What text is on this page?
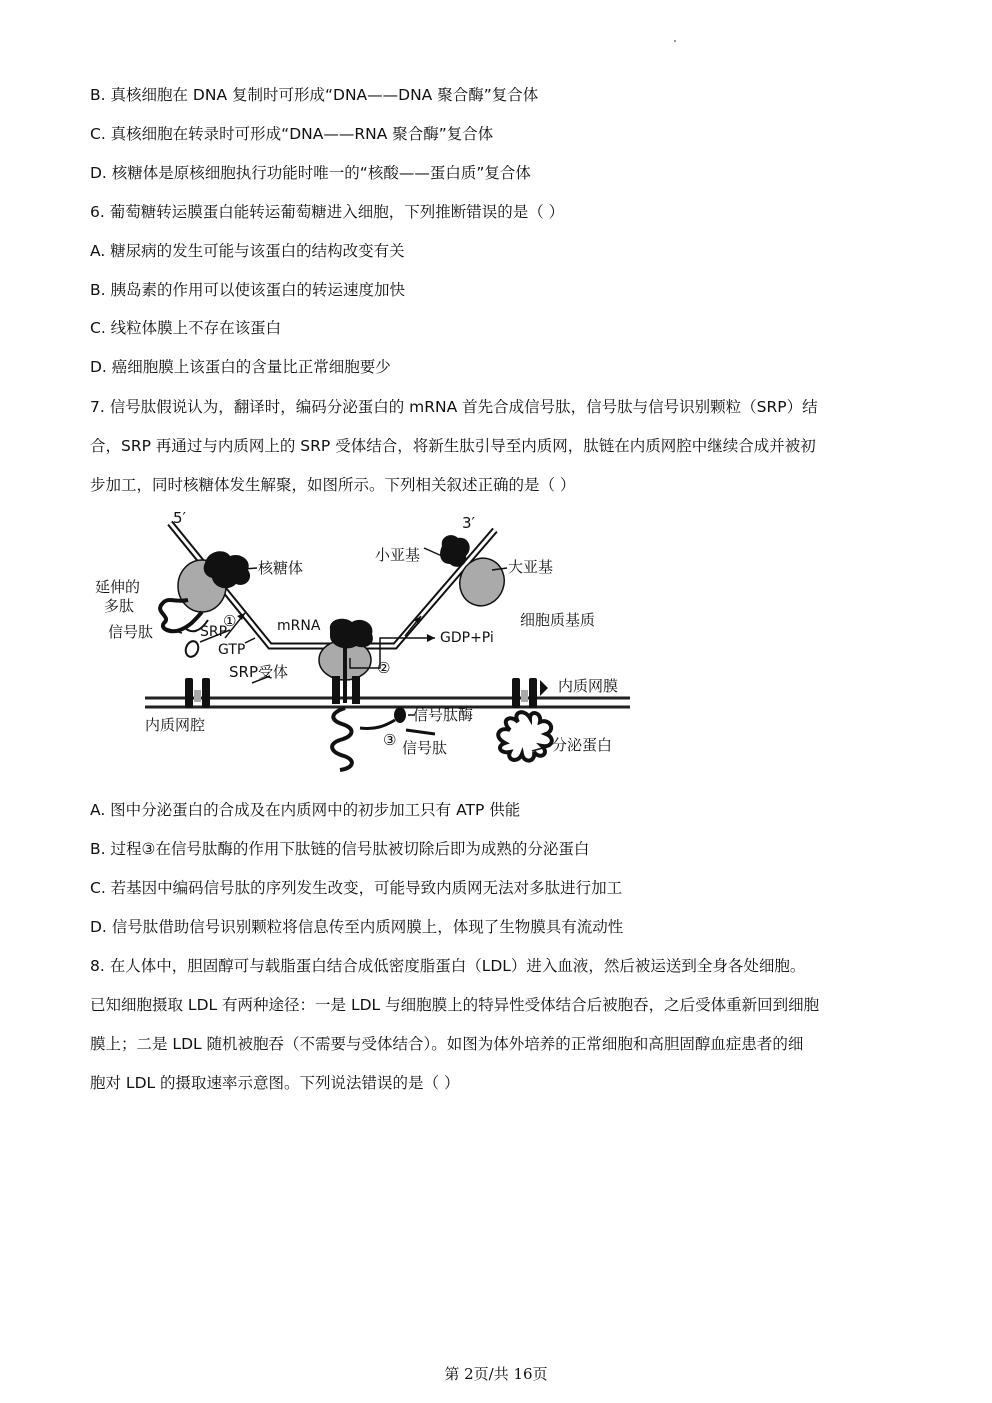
B. 真核细胞在 DNA 复制时可形成“DNA——DNA 聚合酶”复合体
C. 真核细胞在转录时可形成“DNA——RNA 聚合酶”复合体
D. 核糖体是原核细胞执行功能时唯一的“核酸——蛋白质”复合体
6. 葡萄糖转运膜蛋白能转运葡萄糖进入细胞，下列推断错误的是（ ）
A. 糖尿病的发生可能与该蛋白的结构改变有关
B. 胰岛素的作用可以使该蛋白的转运速度加快
C. 线粒体膜上不存在该蛋白
D. 癌细胞膜上该蛋白的含量比正常细胞要少
7. 信号肽假说认为，翻译时，编码分泌蛋白的 mRNA 首先合成信号肽，信号肽与信号识别颗粒（SRP）结
合，SRP 再通过与内质网上的 SRP 受体结合，将新生肽引导至内质网，肽链在内质网腔中继续合成并被初
步加工，同时核糖体发生解聚，如图所示。下列相关叙述正确的是（ ）
5′	3′
核糖体
小亚基
大亚基
延伸的
多肽
信号肽	SRP
①
GTP
SRP受体
mRNA
②
GDP+Pi
细胞质基质
内质网膜
内质网腔
信号肽酶
③ 信号肽	分泌蛋白
A. 图中分泌蛋白的合成及在内质网中的初步加工只有 ATP 供能
B. 过程③在信号肽酶的作用下肽链的信号肽被切除后即为成熟的分泌蛋白
C. 若基因中编码信号肽的序列发生改变，可能导致内质网无法对多肽进行加工
D. 信号肽借助信号识别颗粒将信息传至内质网膜上，体现了生物膜具有流动性
8. 在人体中，胆固醇可与载脂蛋白结合成低密度脂蛋白（LDL）进入血液，然后被运送到全身各处细胞。
已知细胞摄取 LDL 有两种途径：一是 LDL 与细胞膜上的特异性受体结合后被胞吞，之后受体重新回到细胞
膜上；二是 LDL 随机被胞吞（不需要与受体结合）。如图为体外培养的正常细胞和高胆固醇血症患者的细
胞对 LDL 的摄取速率示意图。下列说法错误的是（ ）
第 2页/共 16页
